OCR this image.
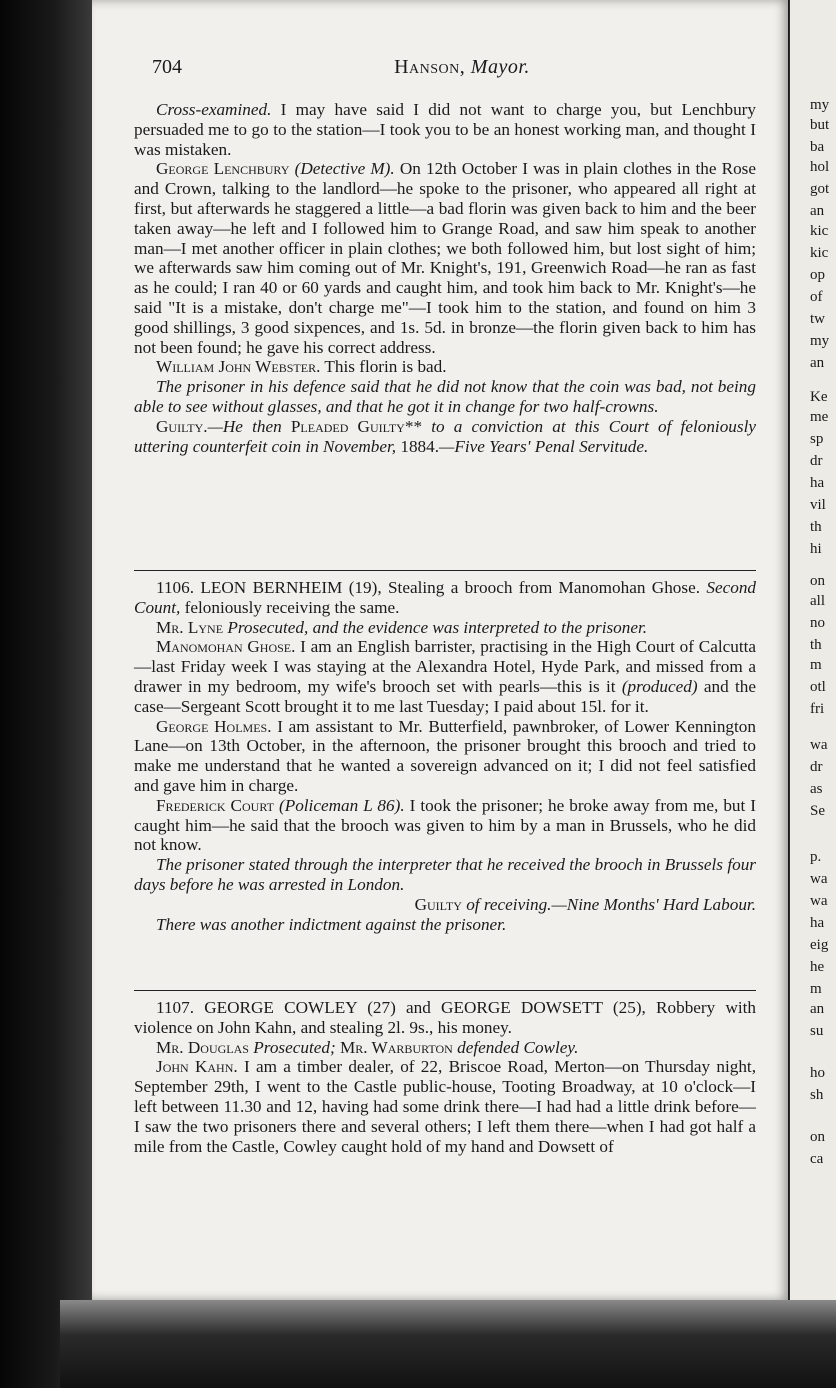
704	Hanson, Mayor.

Cross-examined. I may have said I did not want to charge you, but Lenchbury persuaded me to go to the station—I took you to be an honest working man, and thought I was mistaken.

George Lenchbury (Detective M). On 12th October I was in plain clothes in the Rose and Crown, talking to the landlord—he spoke to the prisoner, who appeared all right at first, but afterwards he staggered a little—a bad florin was given back to him and the beer taken away—he left and I followed him to Grange Road, and saw him speak to another man—I met another officer in plain clothes; we both followed him, but lost sight of him; we afterwards saw him coming out of Mr. Knight's, 191, Greenwich Road—he ran as fast as he could; I ran 40 or 60 yards and caught him, and took him back to Mr. Knight's—he said "It is a mistake, don't charge me"—I took him to the station, and found on him 3 good shillings, 3 good sixpences, and 1s. 5d. in bronze—the florin given back to him has not been found; he gave his correct address.

William John Webster. This florin is bad.

The prisoner in his defence said that he did not know that the coin was bad, not being able to see without glasses, and that he got it in change for two half-crowns.

Guilty.—He then Pleaded Guilty** to a conviction at this Court of feloniously uttering counterfeit coin in November, 1884.—Five Years' Penal Servitude.

1106. LEON BERNHEIM (19), Stealing a brooch from Manomohan Ghose. Second Count, feloniously receiving the same.

Mr. Lyne Prosecuted, and the evidence was interpreted to the prisoner.

Manomohan Ghose. I am an English barrister, practising in the High Court of Calcutta—last Friday week I was staying at the Alexandra Hotel, Hyde Park, and missed from a drawer in my bedroom, my wife's brooch set with pearls—this is it (produced) and the case—Sergeant Scott brought it to me last Tuesday; I paid about 15l. for it.

George Holmes. I am assistant to Mr. Butterfield, pawnbroker, of Lower Kennington Lane—on 13th October, in the afternoon, the prisoner brought this brooch and tried to make me understand that he wanted a sovereign advanced on it; I did not feel satisfied and gave him in charge.

Frederick Court (Policeman L 86). I took the prisoner; he broke away from me, but I caught him—he said that the brooch was given to him by a man in Brussels, who he did not know.

The prisoner stated through the interpreter that he received the brooch in Brussels four days before he was arrested in London.

Guilty of receiving.—Nine Months' Hard Labour.

There was another indictment against the prisoner.

1107. GEORGE COWLEY (27) and GEORGE DOWSETT (25), Robbery with violence on John Kahn, and stealing 2l. 9s., his money.

Mr. Douglas Prosecuted; Mr. Warburton defended Cowley.

John Kahn. I am a timber dealer, of 22, Briscoe Road, Merton—on Thursday night, September 29th, I went to the Castle public-house, Tooting Broadway, at 10 o'clock—I left between 11.30 and 12, having had some drink there—I had had a little drink before—I saw the two prisoners there and several others; I left them there—when I had got half a mile from the Castle, Cowley caught hold of my hand and Dowsett of

my
but
ba
hol
got
an
kic
kic
op
of
tw
my
an
Ke
me
sp
dr
ha
vil
th
hi
on
all
no
th
m
otl
fri
wa
dr
as
Se
p.
wa
wa
ha
eig
he
m
an
su
ho
sh
on
ca
